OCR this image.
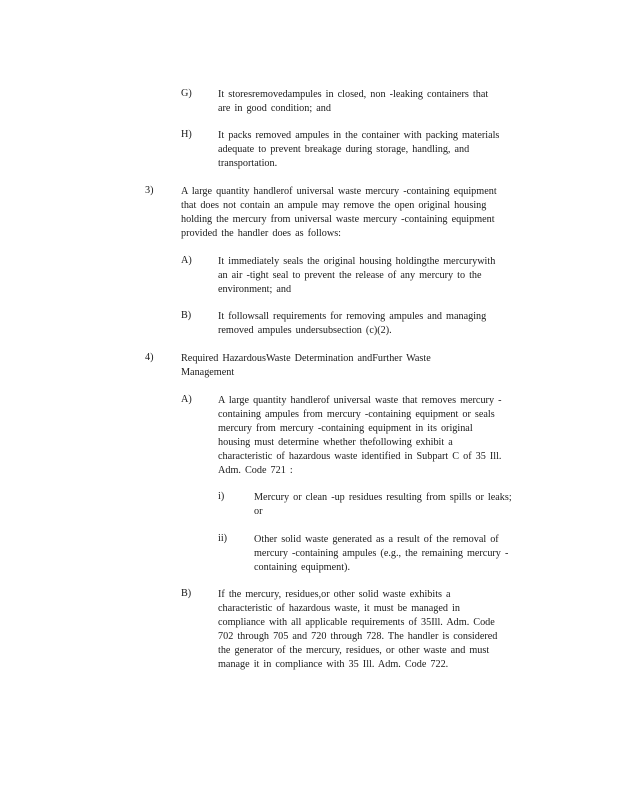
G)	It storesremovedampules in closed, non -leaking containers that
are in good condition; and
H)	It packs removed ampules in the container with packing materials
adequate to prevent breakage during storage, handling, and
transportation.
3)	A large quantity handlerof universal waste mercury -containing equipment
that does not contain an ampule may remove the open original housing
holding the mercury from universal waste mercury -containing equipment
provided the handler does as follows:
A)	It immediately seals the original housing holdingthe mercurywith
an air -tight seal to prevent the release of any mercury to the
environment; and
B)	It followsall requirements for removing ampules and managing
removed ampules undersubsection (c)(2).
4)	Required HazardousWaste Determination andFurther Waste
Management
A)	A large quantity handlerof universal waste that removes mercury -
containing ampules from mercury -containing equipment or seals
mercury from mercury -containing equipment in its original
housing must determine whether thefollowing exhibit a
characteristic of hazardous waste identified in Subpart C of 35 Ill.
Adm. Code 721 :
i)	Mercury or clean -up residues resulting from spills or leaks;
or
ii)	Other solid waste generated as a result of the removal of
mercury -containing ampules (e.g., the remaining mercury -
containing equipment).
B)	If the mercury, residues,or other solid waste exhibits a
characteristic of hazardous waste, it must be managed in
compliance with all applicable requirements of 35Ill. Adm. Code
702 through 705 and 720 through 728. The handler is considered
the generator of the mercury, residues, or other waste and must
manage it in compliance with 35 Ill. Adm. Code 722.
